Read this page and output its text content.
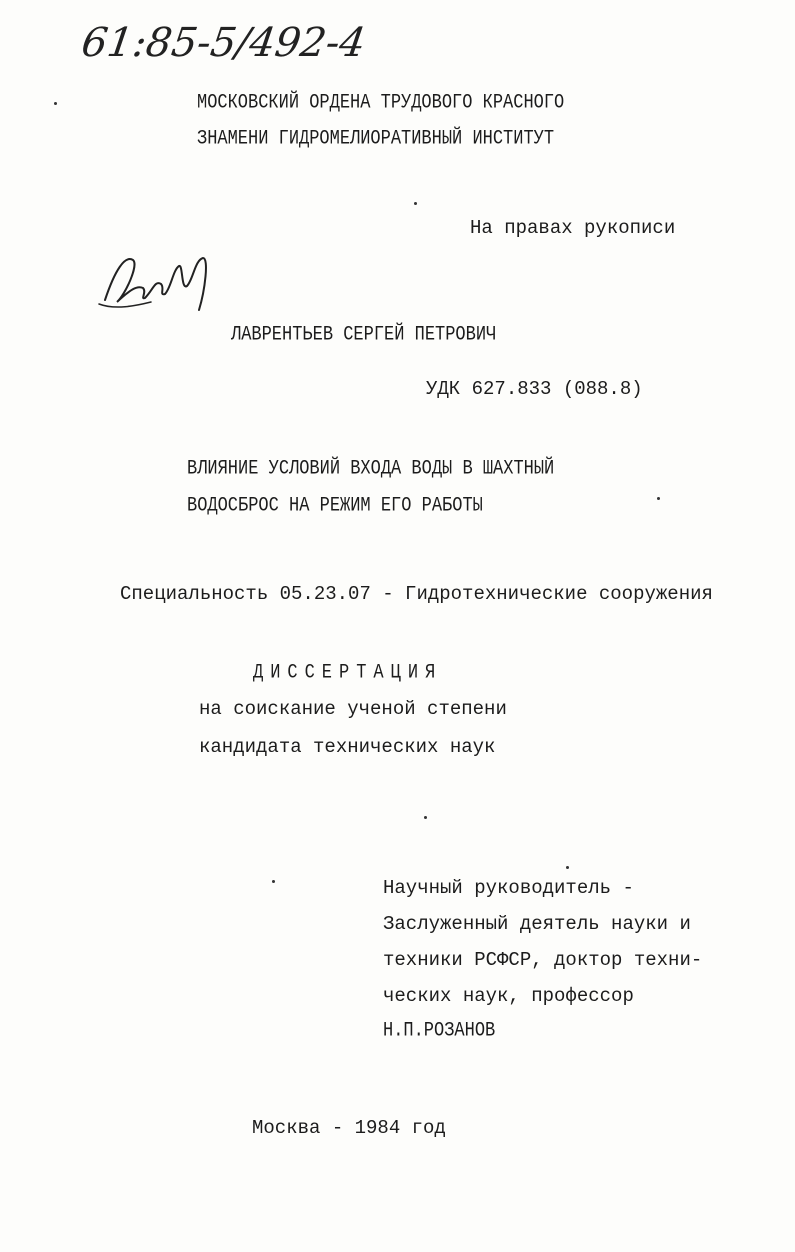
61:85-5/492-4
МОСКОВСКИЙ ОРДЕНА ТРУДОВОГО КРАСНОГО
ЗНАМЕНИ ГИДРОМЕЛИОРАТИВНЫЙ ИНСТИТУТ
На правах рукописи
ЛАВРЕНТЬЕВ СЕРГЕЙ ПЕТРОВИЧ
УДК 627.833 (088.8)
ВЛИЯНИЕ УСЛОВИЙ ВХОДА ВОДЫ В ШАХТНЫЙ
ВОДОСБРОС НА РЕЖИМ ЕГО РАБОТЫ
Специальность 05.23.07 - Гидротехнические сооружения
ДИССЕРТАЦИЯ
на соискание ученой степени
кандидата технических наук
Научный руководитель -
Заслуженный деятель науки и
техники РСФСР, доктор техни-
ческих наук, профессор
Н.П.РОЗАНОВ
Москва - 1984 год
